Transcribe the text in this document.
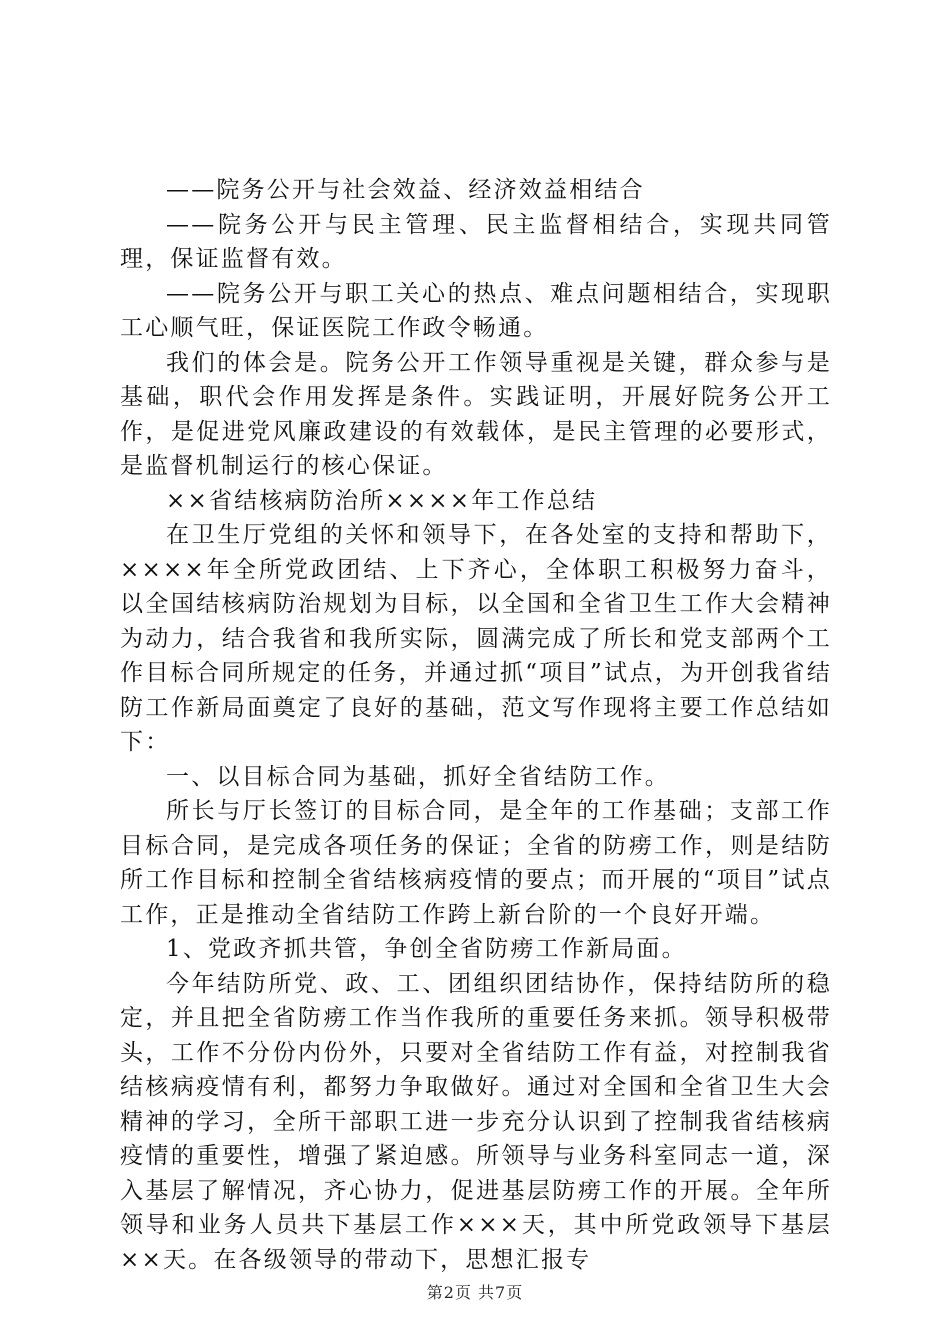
——院务公开与社会效益、经济效益相结合

——院务公开与民主管理、民主监督相结合，实现共同管理，保证监督有效。

——院务公开与职工关心的热点、难点问题相结合，实现职工心顺气旺，保证医院工作政令畅通。

我们的体会是。院务公开工作领导重视是关键，群众参与是基础，职代会作用发挥是条件。实践证明，开展好院务公开工作，是促进党风廉政建设的有效载体，是民主管理的必要形式，是监督机制运行的核心保证。

××省结核病防治所××××年工作总结

在卫生厅党组的关怀和领导下，在各处室的支持和帮助下，××××年全所党政团结、上下齐心，全体职工积极努力奋斗，以全国结核病防治规划为目标，以全国和全省卫生工作大会精神为动力，结合我省和我所实际，圆满完成了所长和党支部两个工作目标合同所规定的任务，并通过抓“项目”试点，为开创我省结防工作新局面奠定了良好的基础，范文写作现将主要工作总结如下：

一、以目标合同为基础，抓好全省结防工作。

所长与厅长签订的目标合同，是全年的工作基础；支部工作目标合同，是完成各项任务的保证；全省的防痨工作，则是结防所工作目标和控制全省结核病疫情的要点；而开展的“项目”试点工作，正是推动全省结防工作跨上新台阶的一个良好开端。

1、党政齐抓共管，争创全省防痨工作新局面。

今年结防所党、政、工、团组织团结协作，保持结防所的稳定，并且把全省防痨工作当作我所的重要任务来抓。领导积极带头，工作不分份内份外，只要对全省结防工作有益，对控制我省结核病疫情有利，都努力争取做好。通过对全国和全省卫生大会精神的学习，全所干部职工进一步充分认识到了控制我省结核病疫情的重要性，增强了紧迫感。所领导与业务科室同志一道，深入基层了解情况，齐心协力，促进基层防痨工作的开展。全年所领导和业务人员共下基层工作×××天，其中所党政领导下基层××天。在各级领导的带动下，思想汇报专

第2页 共7页
